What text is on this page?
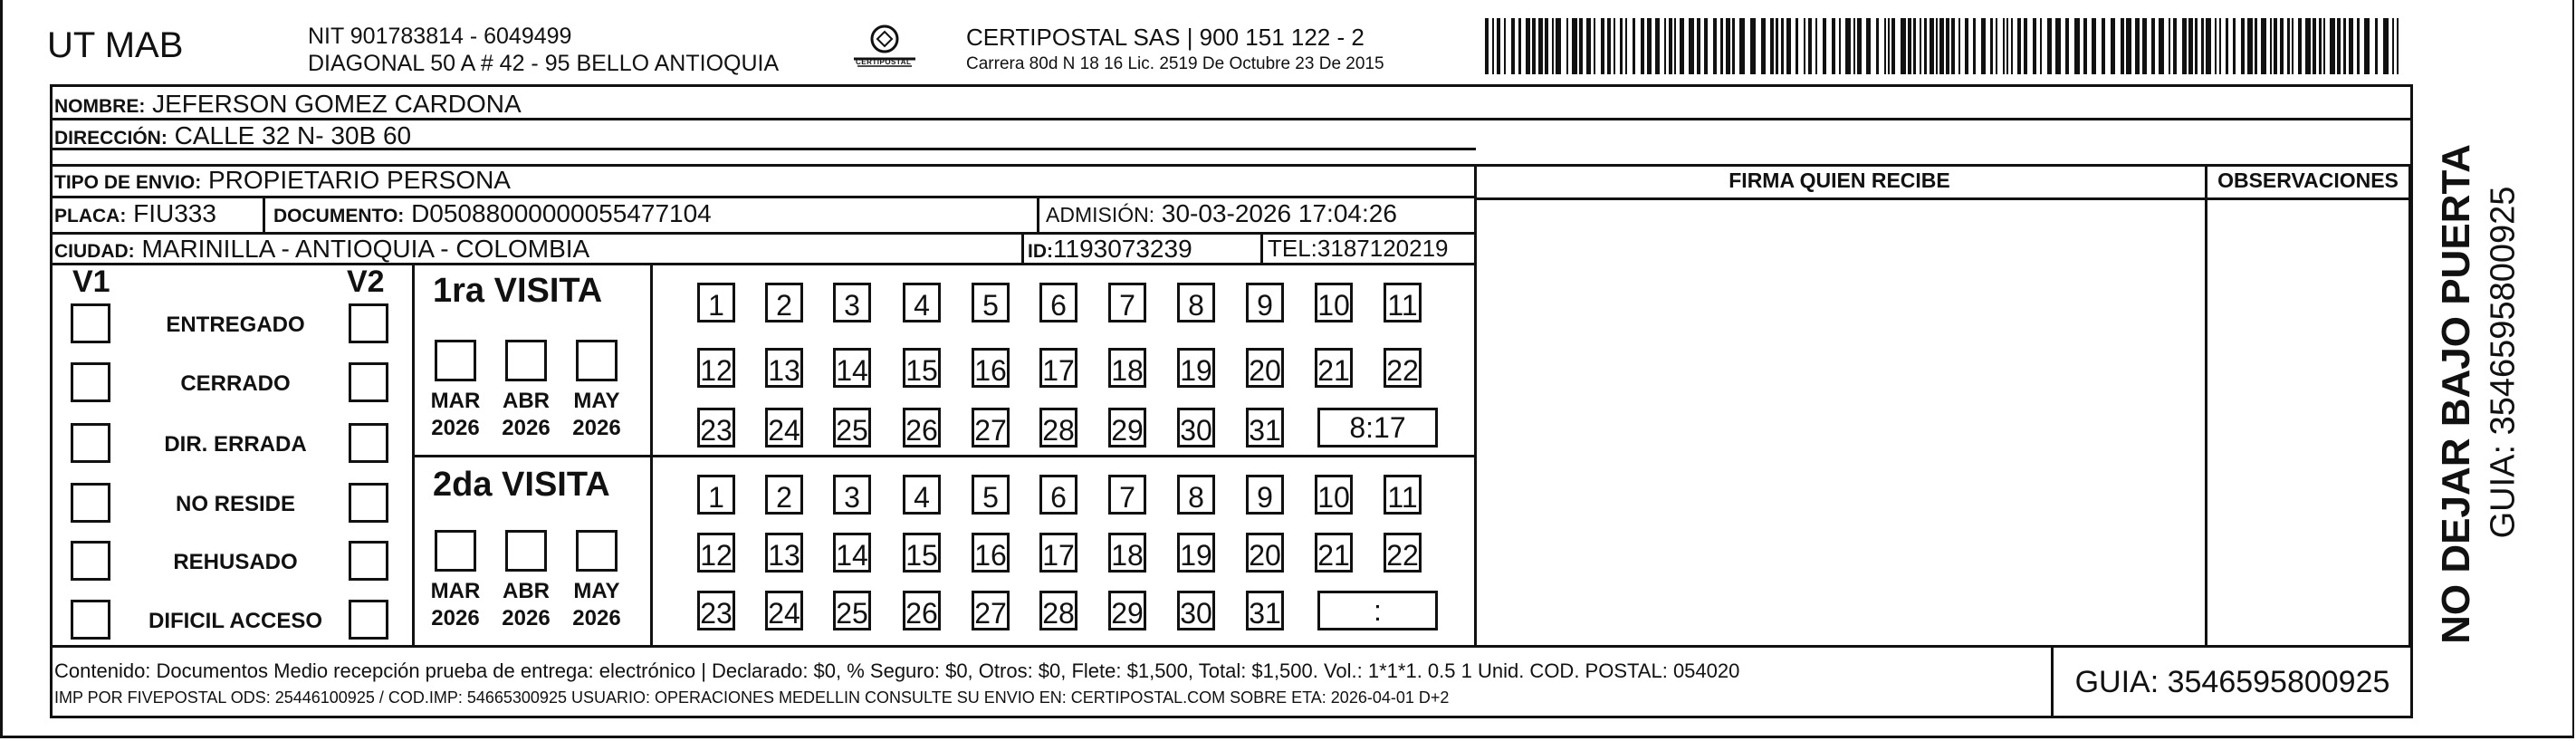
UT MAB	NIT 901783814 - 6049499
DIAGONAL 50 A # 42 - 95 BELLO ANTIOQUIA	CERTIPOSTAL
CERTIPOSTAL SAS | 900 151 122 - 2
Carrera 80d N 18 16 Lic. 2519 De Octubre 23 De 2015
NOMBRE: JEFERSON GOMEZ CARDONA
DIRECCIÓN: CALLE 32 N- 30B 60
TIPO DE ENVIO: PROPIETARIO PERSONA
PLACA: FIU333	DOCUMENTO: D05088000000055477104	ADMISIÓN: 30-03-2026 17:04:26
CIUDAD: MARINILLA - ANTIOQUIA - COLOMBIA	ID:1193073239	TEL:3187120219
FIRMA QUIEN RECIBE	OBSERVACIONES
V1	V2
ENTREGADO
CERRADO
DIR. ERRADA
NO RESIDE
REHUSADO
DIFICIL ACCESO
1ra VISITA
2da VISITA
MAR
2026
ABR
2026
MAY
2026
MAR
2026
ABR
2026
MAY
2026
1	2	3	4	5	6	7	8	9	10 11
12 13 14 15 16 17 18 19 20 21 22
23 24 25 26 27 28 29 30 31	8:17
1	2	3	4	5	6	7	8	9	10 11
12 13 14 15 16 17 18 19 20 21 22
23 24 25 26 27 28 29 30 31	:
Contenido: Documentos Medio recepción prueba de entrega: electrónico | Declarado: $0, % Seguro: $0, Otros: $0, Flete: $1,500, Total: $1,500. Vol.: 1*1*1. 0.5 1 Unid. COD. POSTAL: 054020
IMP POR FIVEPOSTAL ODS: 25446100925 / COD.IMP: 54665300925 USUARIO: OPERACIONES MEDELLIN CONSULTE SU ENVIO EN: CERTIPOSTAL.COM SOBRE ETA: 2026-04-01 D+2	GUIA: 3546595800925
NO DEJAR BAJO PUERTA GUIA: 3546595800925
